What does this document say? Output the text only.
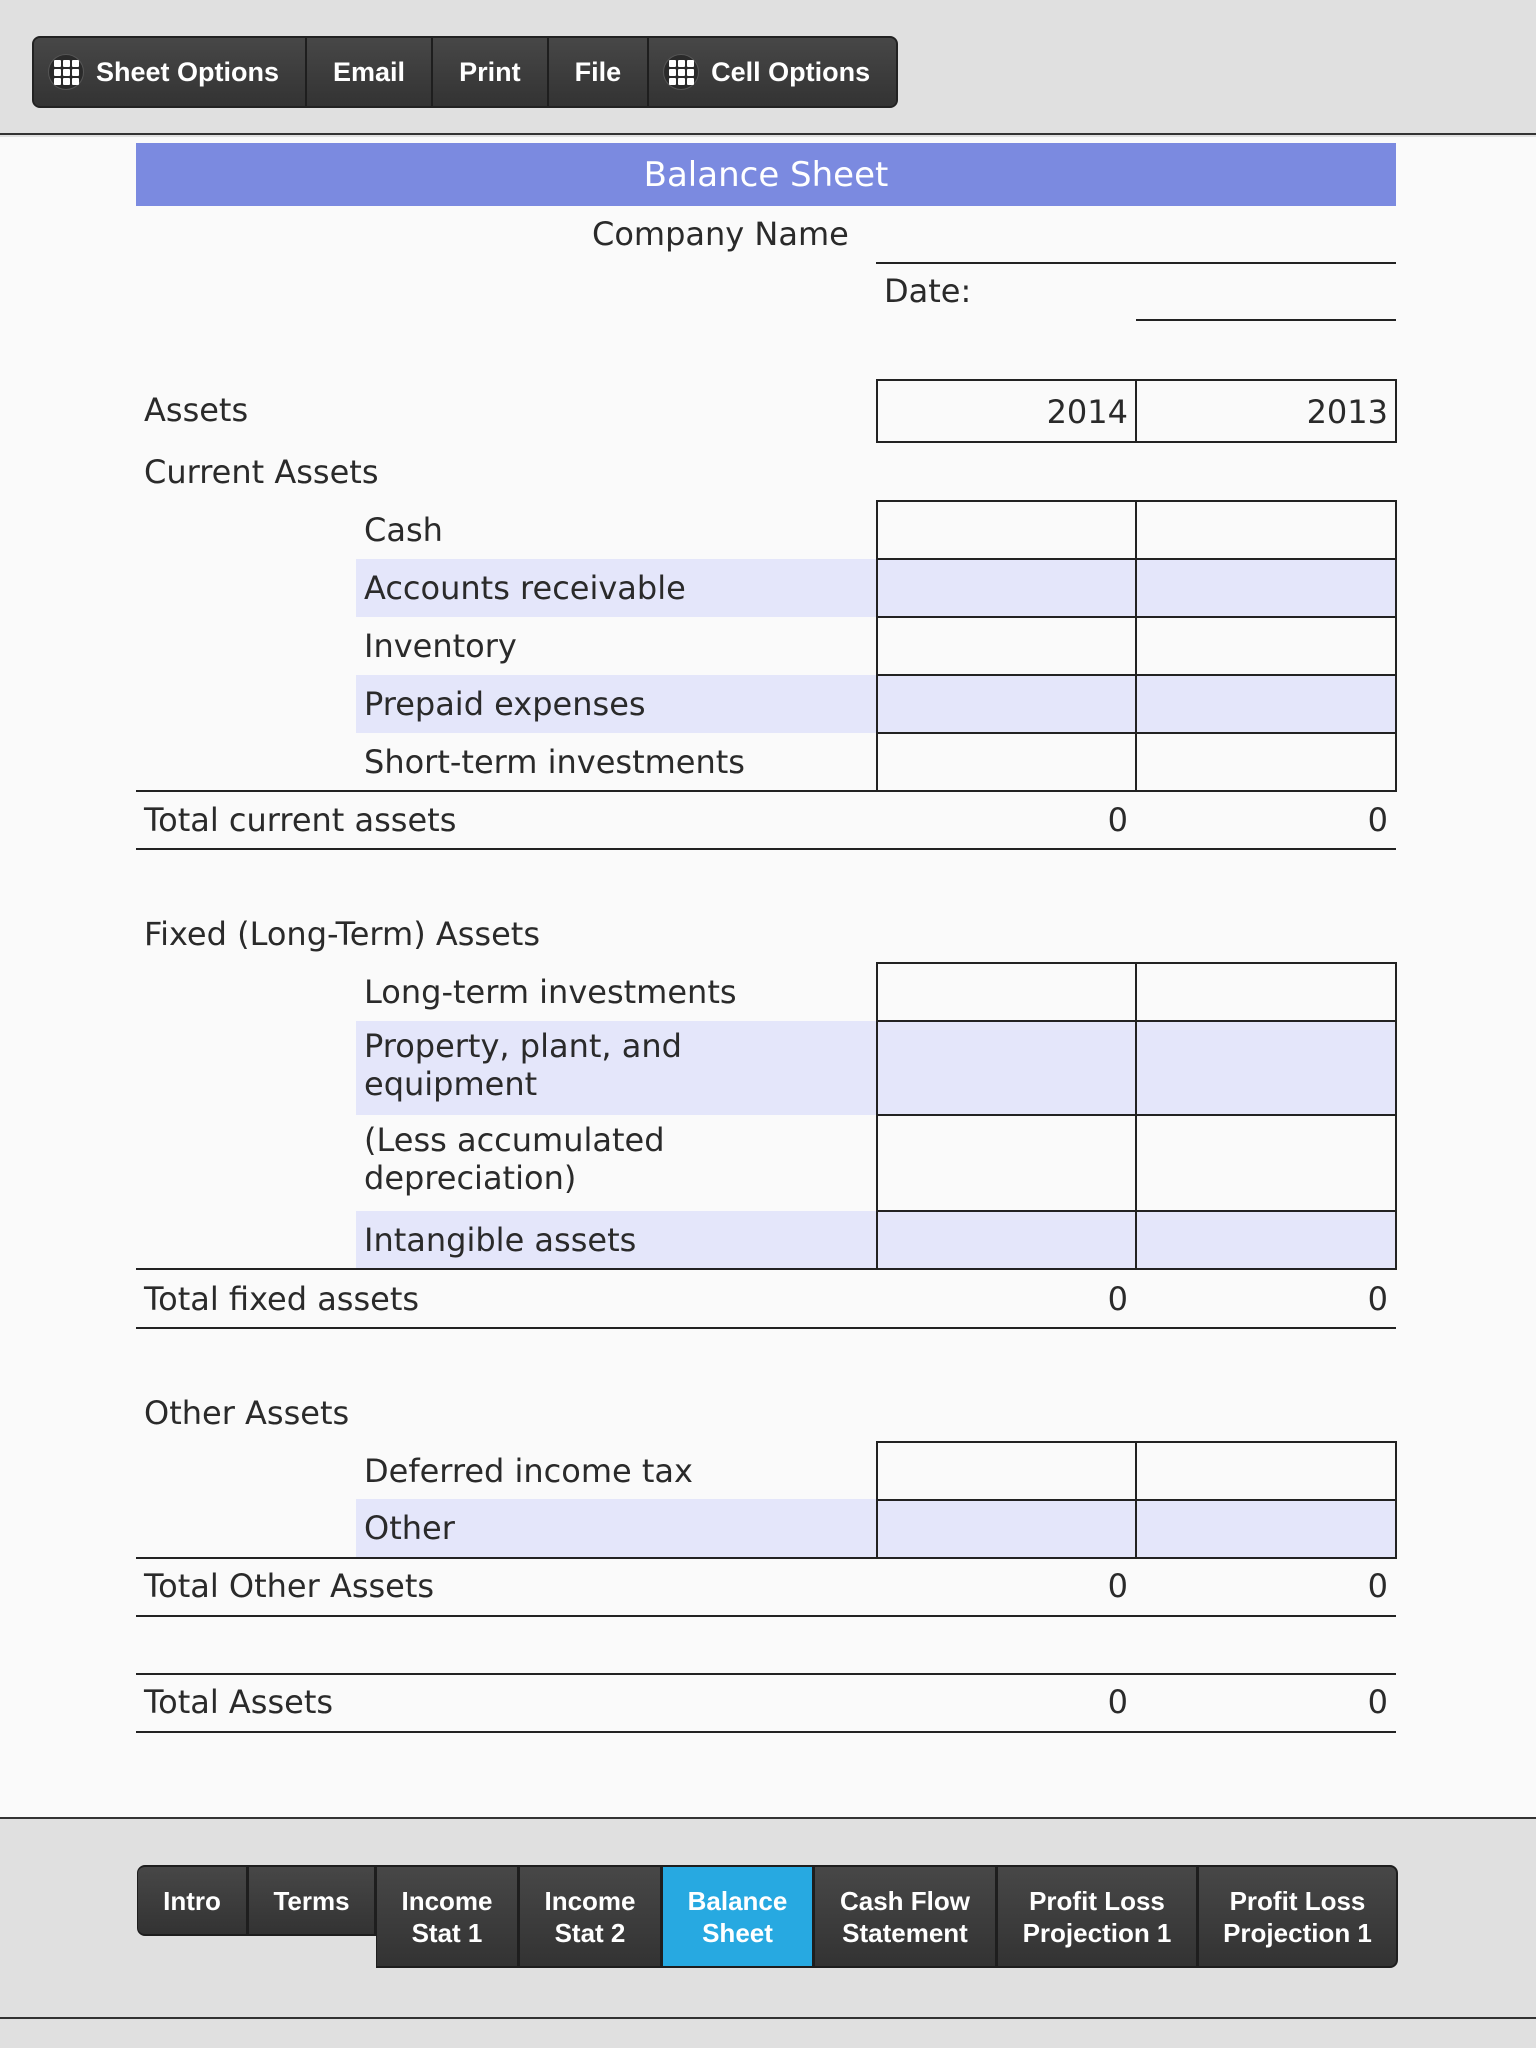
Sheet Options Email Print File	Cell Options
Balance Sheet
Company Name
Date:
Assets	2014	2013
Current Assets
Cash
Accounts receivable
Inventory
Prepaid expenses
Short-term investments
Total current assets	0	0
Fixed (Long-Term) Assets
Long-term investments
Property, plant, and equipment
(Less accumulated depreciation)
Intangible assets
Total fixed assets	0	0
Other Assets
Deferred income tax
Other
Total Other Assets	0	0
Total Assets	0	0
Intro	Terms	Income Stat 1
Income Stat 2
Balance Sheet
Cash Flow Statement
Profit Loss Projection 1
Profit Loss Projection 1
